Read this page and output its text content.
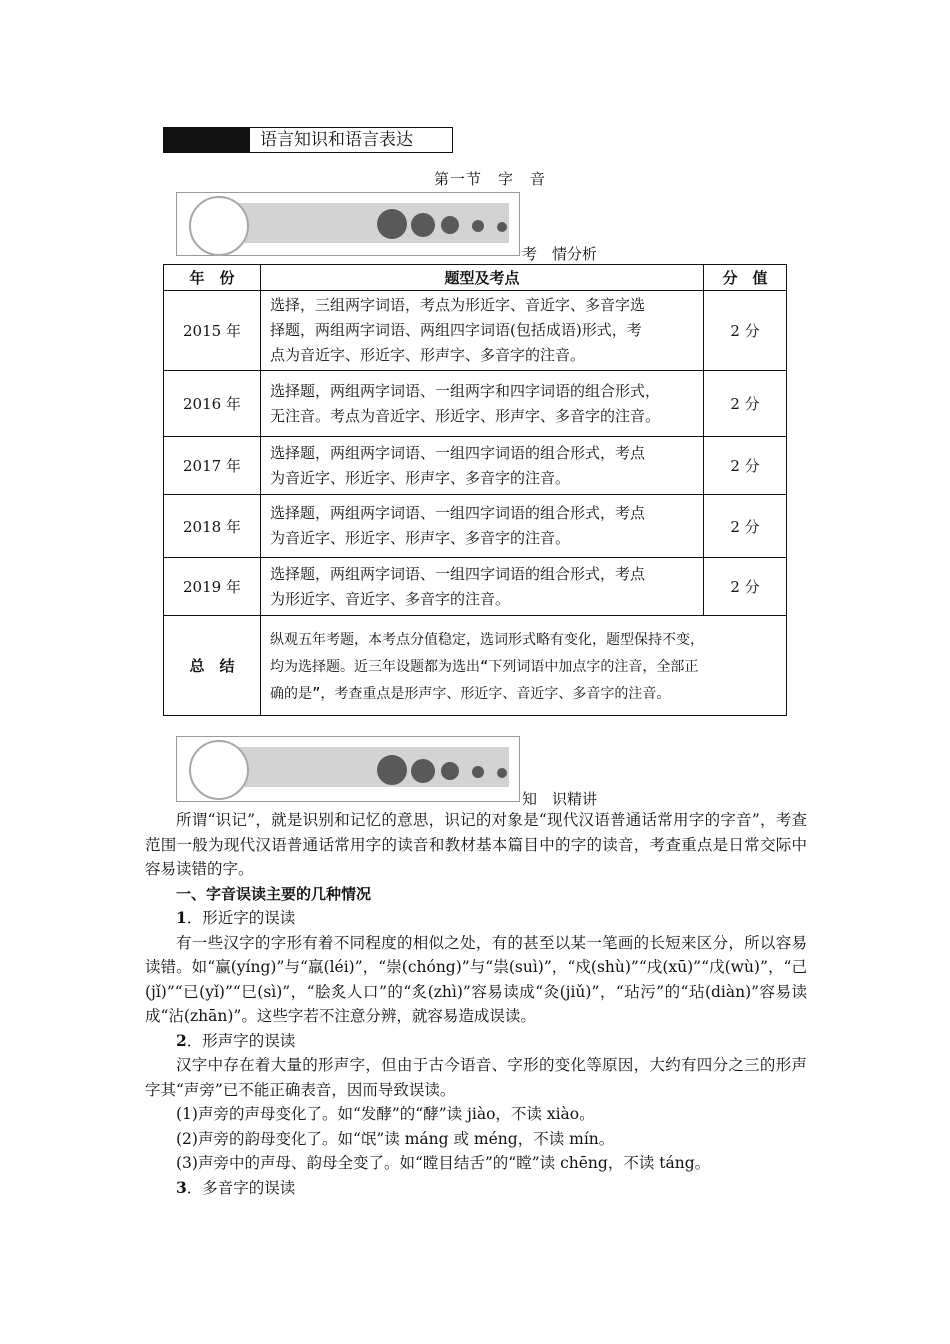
语言知识和语言表达
第一节　字　音
考　情分析
年　份	题型及考点	分　值
2015 年	选择，三组两字词语，考点为形近字、音近字、多音字选
择题，两组两字词语、两组四字词语(包括成语)形式，考
点为音近字、形近字、形声字、多音字的注音。	2 分
2016 年	选择题，两组两字词语、一组两字和四字词语的组合形式，
无注音。考点为音近字、形近字、形声字、多音字的注音。	2 分
2017 年	选择题，两组两字词语、一组四字词语的组合形式，考点
为音近字、形近字、形声字、多音字的注音。	2 分
2018 年	选择题，两组两字词语、一组四字词语的组合形式，考点
为音近字、形近字、形声字、多音字的注音。	2 分
2019 年	选择题，两组两字词语、一组四字词语的组合形式，考点
为形近字、音近字、多音字的注音。	2 分
总　结	纵观五年考题，本考点分值稳定，选词形式略有变化，题型保持不变，
均为选择题。近三年设题都为选出“下列词语中加点字的注音，全部正
确的是”，考查重点是形声字、形近字、音近字、多音字的注音。	
知　识精讲

所谓“识记”，就是识别和记忆的意思，识记的对象是“现代汉语普通话常用字的字音”，考查范围一般为现代汉语普通话常用字的读音和教材基本篇目中的字的读音，考查重点是日常交际中容易读错的字。

一、字音误读主要的几种情况
1．形近字的误读

有一些汉字的字形有着不同程度的相似之处，有的甚至以某一笔画的长短来区分，所以容易读错。如“赢(yíng)”与“羸(léi)”，“崇(chóng)”与“祟(suì)”，“戍(shù)”“戌(xū)”“戊(wù)”，“己(jǐ)”“已(yǐ)”“巳(sì)”，“脍炙人口”的“炙(zhì)”容易读成“灸(jiǔ)”，“玷污”的“玷(diàn)”容易读成“沾(zhān)”。这些字若不注意分辨，就容易造成误读。

2．形声字的误读

汉字中存在着大量的形声字，但由于古今语音、字形的变化等原因，大约有四分之三的形声字其“声旁”已不能正确表音，因而导致误读。

(1)声旁的声母变化了。如“发酵”的“酵”读 jiào，不读 xiào。

(2)声旁的韵母变化了。如“氓”读 máng 或 méng，不读 mín。

(3)声旁中的声母、韵母全变了。如“瞠目结舌”的“瞠”读 chēng，不读 táng。

3．多音字的误读
